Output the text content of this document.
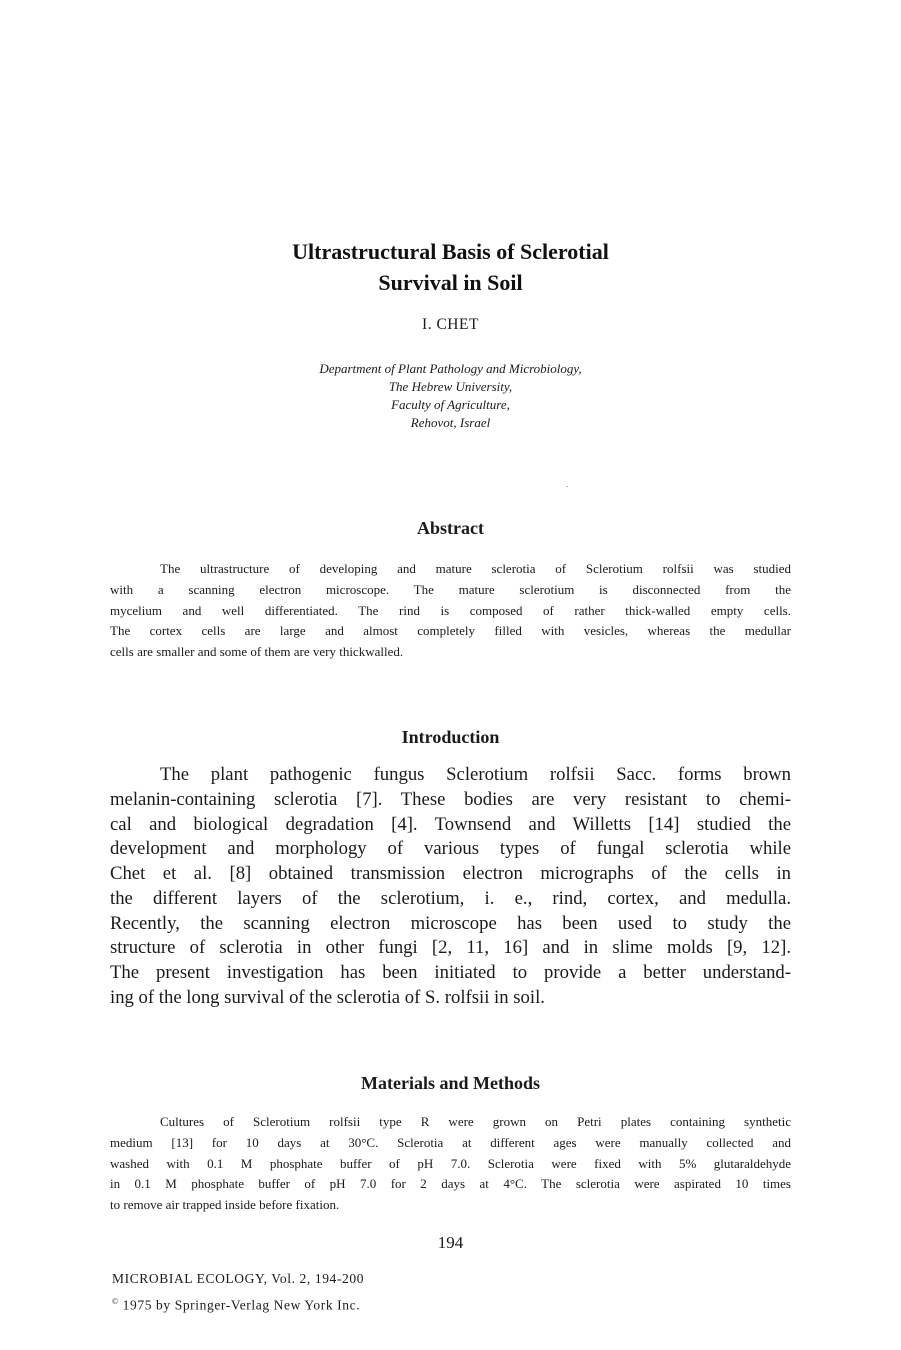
Ultrastructural Basis of Sclerotial
Survival in Soil
I. CHET
Department of Plant Pathology and Microbiology,
The Hebrew University,
Faculty of Agriculture,
Rehovot, Israel
Abstract
The ultrastructure of developing and mature sclerotia of Sclerotium rolfsii was studied
with a scanning electron microscope. The mature sclerotium is disconnected from the
mycelium and well differentiated. The rind is composed of rather thick-walled empty cells.
The cortex cells are large and almost completely filled with vesicles, whereas the medullar
cells are smaller and some of them are very thickwalled.
Introduction
The plant pathogenic fungus Sclerotium rolfsii Sacc. forms brown
melanin-containing sclerotia [7]. These bodies are very resistant to chemi-
cal and biological degradation [4]. Townsend and Willetts [14] studied the
development and morphology of various types of fungal sclerotia while
Chet et al. [8] obtained transmission electron micrographs of the cells in
the different layers of the sclerotium, i. e., rind, cortex, and medulla.
Recently, the scanning electron microscope has been used to study the
structure of sclerotia in other fungi [2, 11, 16] and in slime molds [9, 12].
The present investigation has been initiated to provide a better understand-
ing of the long survival of the sclerotia of S. rolfsii in soil.
Materials and Methods
Cultures of Sclerotium rolfsii type R were grown on Petri plates containing synthetic
medium [13] for 10 days at 30°C. Sclerotia at different ages were manually collected and
washed with 0.1 M phosphate buffer of pH 7.0. Sclerotia were fixed with 5% glutaraldehyde
in 0.1 M phosphate buffer of pH 7.0 for 2 days at 4°C. The sclerotia were aspirated 10 times
to remove air trapped inside before fixation.
194
MICROBIAL ECOLOGY, Vol. 2, 194-200
© 1975 by Springer-Verlag New York Inc.
